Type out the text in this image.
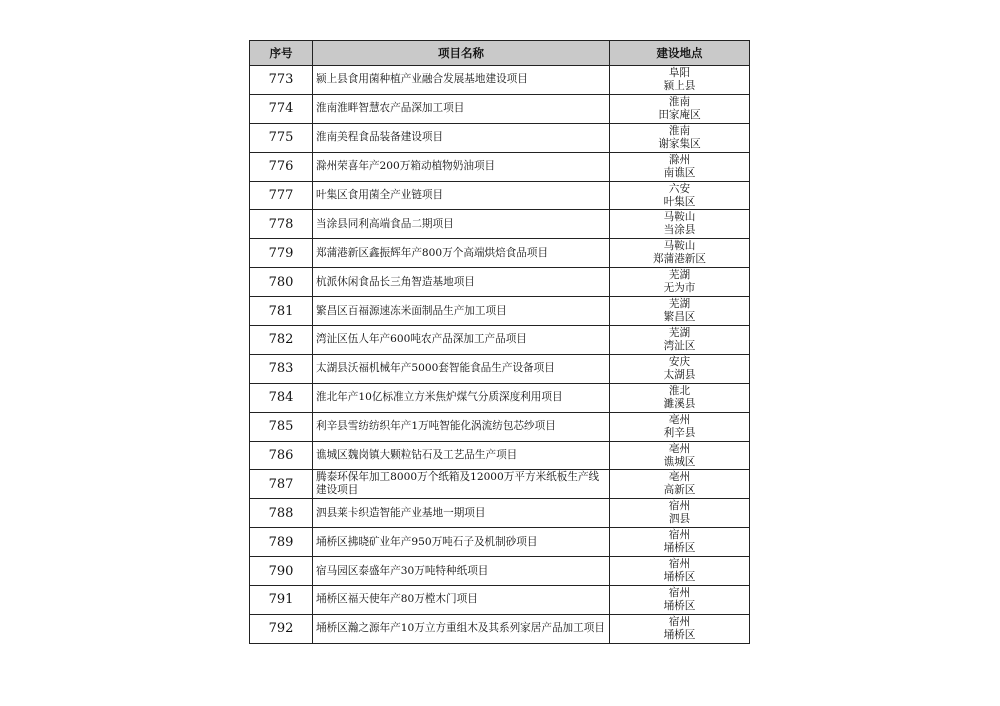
序号	项目名称	建设地点
773	颍上县食用菌种植产业融合发展基地建设项目	阜阳
颍上县

774	淮南淮畔智慧农产品深加工项目	淮南
田家庵区

775	淮南美程食品装备建设项目	淮南
谢家集区

776	滁州荣喜年产200万箱动植物奶油项目	滁州
南谯区

777	叶集区食用菌全产业链项目	六安
叶集区

778	当涂县同利高端食品二期项目	马鞍山
当涂县

779	郑蒲港新区鑫振辉年产800万个高端烘焙食品项目	马鞍山
郑蒲港新区

780	杭派休闲食品长三角智造基地项目	芜湖
无为市

781	繁昌区百福源速冻米面制品生产加工项目	芜湖
繁昌区

782	湾沚区伍人年产600吨农产品深加工产品项目	芜湖
湾沚区

783	太湖县沃福机械年产5000套智能食品生产设备项目	安庆
太湖县

784	淮北年产10亿标准立方米焦炉煤气分质深度利用项目	淮北
濉溪县

785	利辛县雪纺纺织年产1万吨智能化涡流纺包芯纱项目	亳州
利辛县

786	谯城区魏岗镇大颗粒钻石及工艺品生产项目	亳州
谯城区

787	腾泰环保年加工8000万个纸箱及12000万平方米纸板生产线建设项目	亳州
高新区

788	泗县莱卡织造智能产业基地一期项目	宿州
泗县

789	埇桥区拂晓矿业年产950万吨石子及机制砂项目	宿州
埇桥区

790	宿马园区泰盛年产30万吨特种纸项目	宿州
埇桥区

791	埇桥区福天使年产80万樘木门项目	宿州
埇桥区

792	埇桥区瀚之源年产10万立方重组木及其系列家居产品加工项目	宿州
埇桥区
